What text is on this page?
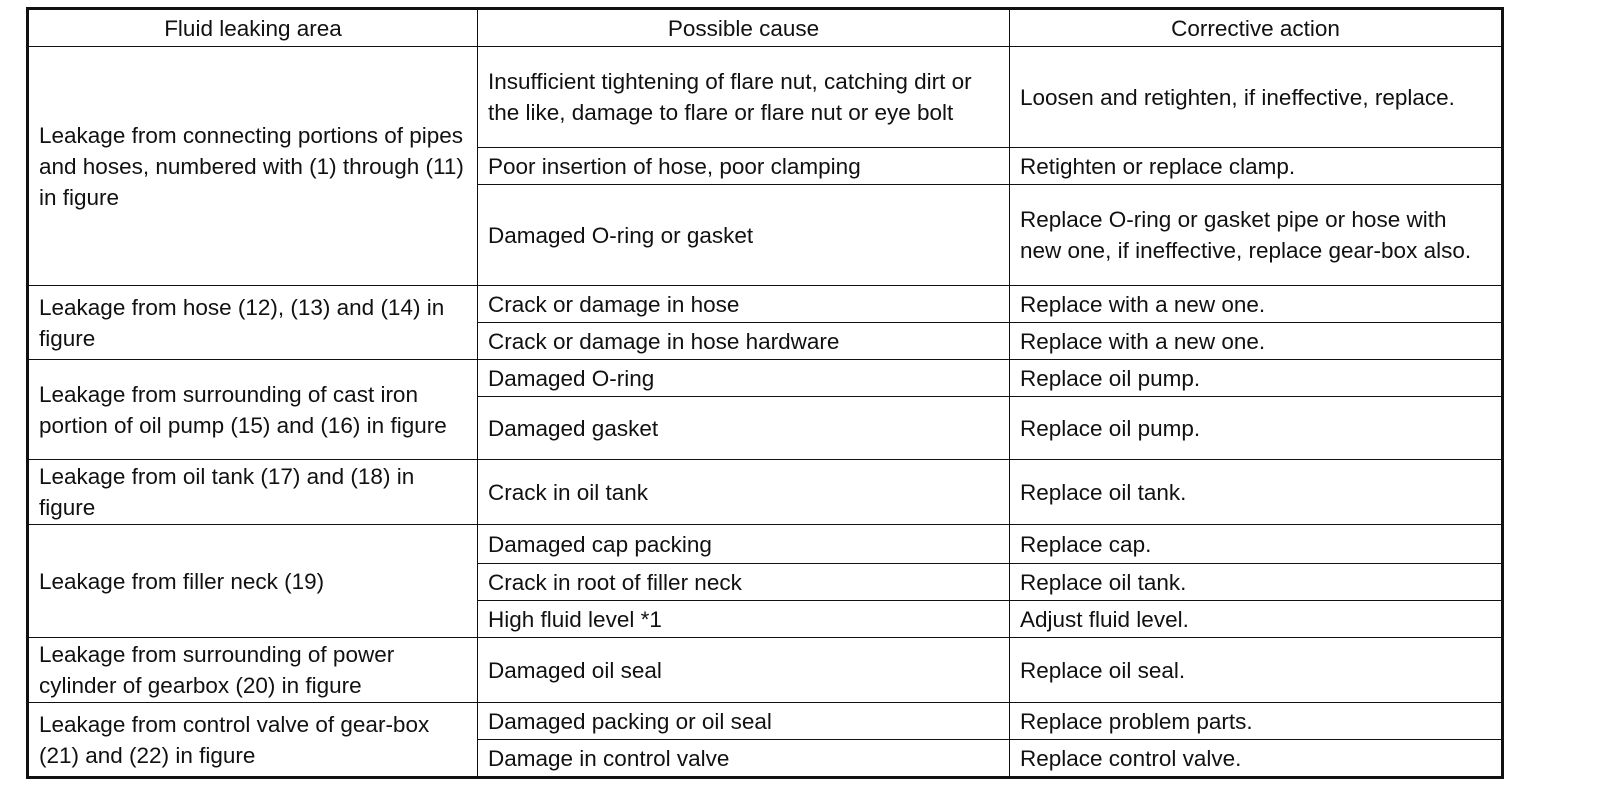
Fluid leaking area	Possible cause	Corrective action
Leakage from connecting portions of pipes and hoses, numbered with (1) through (11) in figure	Insufficient tightening of flare nut, catching dirt or the like, damage to flare or flare nut or eye bolt	Loosen and retighten, if ineffective, replace.
	Poor insertion of hose, poor clamping	Retighten or replace clamp.
	Damaged O-ring or gasket	Replace O-ring or gasket pipe or hose with new one, if ineffective, replace gear-box also.
Leakage from hose (12), (13) and (14) in figure	Crack or damage in hose	Replace with a new one.
	Crack or damage in hose hardware	Replace with a new one.
Leakage from surrounding of cast iron portion of oil pump (15) and (16) in figure	Damaged O-ring	Replace oil pump.
	Damaged gasket	Replace oil pump.
Leakage from oil tank (17) and (18) in figure	Crack in oil tank	Replace oil tank.
Leakage from filler neck (19)	Damaged cap packing	Replace cap.
	Crack in root of filler neck	Replace oil tank.
	High fluid level *1	Adjust fluid level.
Leakage from surrounding of power cylinder of gearbox (20) in figure	Damaged oil seal	Replace oil seal.
Leakage from control valve of gear-box (21) and (22) in figure	Damaged packing or oil seal	Replace problem parts.
	Damage in control valve	Replace control valve.
